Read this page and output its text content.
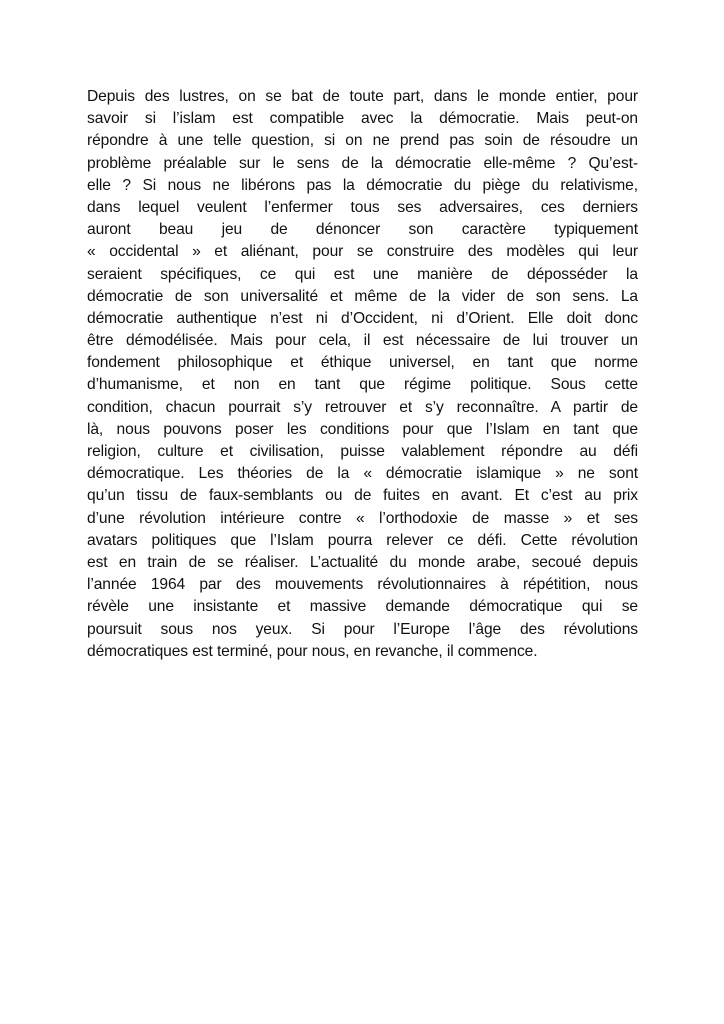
Depuis des lustres, on se bat de toute part, dans le monde entier, pour
savoir si l’islam est compatible avec la démocratie. Mais peut-on
répondre à une telle question, si on ne prend pas soin de résoudre un
problème préalable sur le sens de la démocratie elle-même ? Qu’est-
elle ? Si nous ne libérons pas la démocratie du piège du relativisme,
dans lequel veulent l’enfermer tous ses adversaires, ces derniers
auront beau jeu de dénoncer son caractère typiquement
« occidental » et aliénant, pour se construire des modèles qui leur
seraient spécifiques, ce qui est une manière de déposséder la
démocratie de son universalité et même de la vider de son sens. La
démocratie authentique n’est ni d’Occident, ni d’Orient. Elle doit donc
être démodélisée. Mais pour cela, il est nécessaire de lui trouver un
fondement philosophique et éthique universel, en tant que norme
d’humanisme, et non en tant que régime politique. Sous cette
condition, chacun pourrait s’y retrouver et s’y reconnaître. A partir de
là, nous pouvons poser les conditions pour que l’Islam en tant que
religion, culture et civilisation, puisse valablement répondre au défi
démocratique. Les théories de la « démocratie islamique » ne sont
qu’un tissu de faux-semblants ou de fuites en avant. Et c’est au prix
d’une révolution intérieure contre « l’orthodoxie de masse » et ses
avatars politiques que l’Islam pourra relever ce défi. Cette révolution
est en train de se réaliser. L’actualité du monde arabe, secoué depuis
l’année 1964 par des mouvements révolutionnaires à répétition, nous
révèle une insistante et massive demande démocratique qui se
poursuit sous nos yeux. Si pour l’Europe l’âge des révolutions
démocratiques est terminé, pour nous, en revanche, il commence.
